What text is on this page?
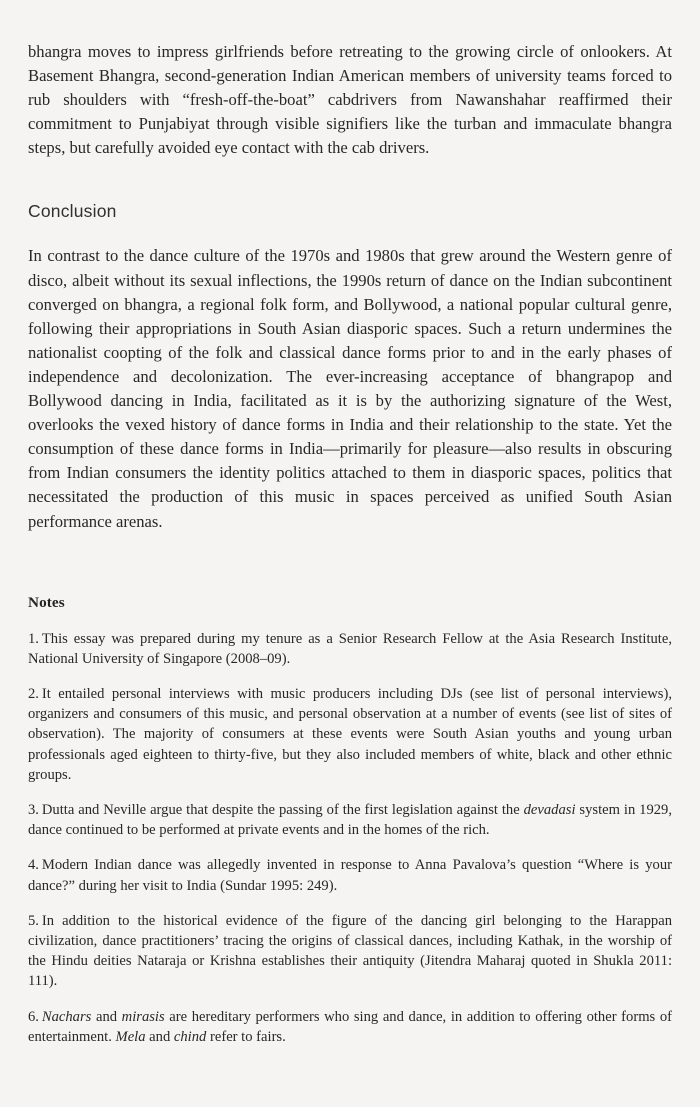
bhangra moves to impress girlfriends before retreating to the growing circle of onlookers. At Basement Bhangra, second-generation Indian American members of university teams forced to rub shoulders with “fresh-off-the-boat” cabdrivers from Nawanshahar reaffirmed their commitment to Punjabiyat through visible signifiers like the turban and immaculate bhangra steps, but carefully avoided eye contact with the cab drivers.

Conclusion

In contrast to the dance culture of the 1970s and 1980s that grew around the Western genre of disco, albeit without its sexual inflections, the 1990s return of dance on the Indian subcontinent converged on bhangra, a regional folk form, and Bollywood, a national popular cultural genre, following their appropriations in South Asian diasporic spaces. Such a return undermines the nationalist coopting of the folk and classical dance forms prior to and in the early phases of independence and decolonization. The ever-increasing acceptance of bhangrapop and Bollywood dancing in India, facilitated as it is by the authorizing signature of the West, overlooks the vexed history of dance forms in India and their relationship to the state. Yet the consumption of these dance forms in India—primarily for pleasure—also results in obscuring from Indian consumers the identity politics attached to them in diasporic spaces, politics that necessitated the production of this music in spaces perceived as unified South Asian performance arenas.

Notes
1. This essay was prepared during my tenure as a Senior Research Fellow at the Asia Research Institute, National University of Singapore (2008–09).
2. It entailed personal interviews with music producers including DJs (see list of personal interviews), organizers and consumers of this music, and personal observation at a number of events (see list of sites of observation). The majority of consumers at these events were South Asian youths and young urban professionals aged eighteen to thirty-five, but they also included members of white, black and other ethnic groups.
3. Dutta and Neville argue that despite the passing of the first legislation against the devadasi system in 1929, dance continued to be performed at private events and in the homes of the rich.
4. Modern Indian dance was allegedly invented in response to Anna Pavalova’s question “Where is your dance?” during her visit to India (Sundar 1995: 249).
5. In addition to the historical evidence of the figure of the dancing girl belonging to the Harappan civilization, dance practitioners’ tracing the origins of classical dances, including Kathak, in the worship of the Hindu deities Nataraja or Krishna establishes their antiquity (Jitendra Maharaj quoted in Shukla 2011: 111).
6.  Nachars and mirasis are hereditary performers who sing and dance, in addition to offering other forms of entertainment. Mela and chind refer to fairs.
